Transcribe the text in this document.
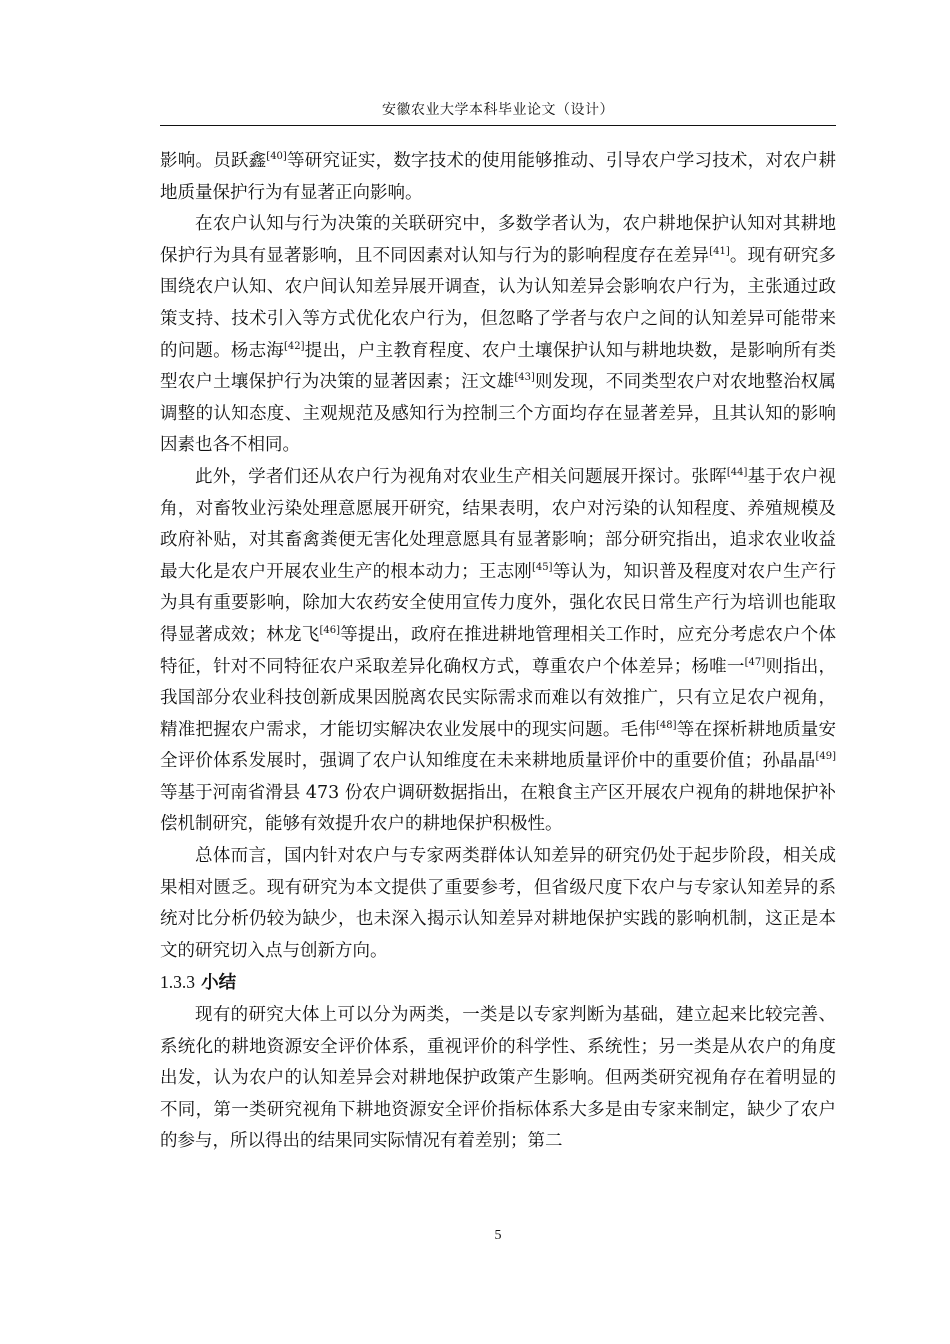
安徽农业大学本科毕业论文（设计）

影响。员跃鑫[40]等研究证实，数字技术的使用能够推动、引导农户学习技术，对农户耕地质量保护行为有显著正向影响。

在农户认知与行为决策的关联研究中，多数学者认为，农户耕地保护认知对其耕地保护行为具有显著影响，且不同因素对认知与行为的影响程度存在差异[41]。现有研究多围绕农户认知、农户间认知差异展开调查，认为认知差异会影响农户行为，主张通过政策支持、技术引入等方式优化农户行为，但忽略了学者与农户之间的认知差异可能带来的问题。杨志海[42]提出，户主教育程度、农户土壤保护认知与耕地块数，是影响所有类型农户土壤保护行为决策的显著因素；汪文雄[43]则发现，不同类型农户对农地整治权属调整的认知态度、主观规范及感知行为控制三个方面均存在显著差异，且其认知的影响因素也各不相同。

此外，学者们还从农户行为视角对农业生产相关问题展开探讨。张晖[44]基于农户视角，对畜牧业污染处理意愿展开研究，结果表明，农户对污染的认知程度、养殖规模及政府补贴，对其畜禽粪便无害化处理意愿具有显著影响；部分研究指出，追求农业收益最大化是农户开展农业生产的根本动力；王志刚[45]等认为，知识普及程度对农户生产行为具有重要影响，除加大农药安全使用宣传力度外，强化农民日常生产行为培训也能取得显著成效；林龙飞[46]等提出，政府在推进耕地管理相关工作时，应充分考虑农户个体特征，针对不同特征农户采取差异化确权方式，尊重农户个体差异；杨唯一[47]则指出，我国部分农业科技创新成果因脱离农民实际需求而难以有效推广，只有立足农户视角，精准把握农户需求，才能切实解决农业发展中的现实问题。毛伟[48]等在探析耕地质量安全评价体系发展时，强调了农户认知维度在未来耕地质量评价中的重要价值；孙晶晶[49]等基于河南省滑县 473 份农户调研数据指出，在粮食主产区开展农户视角的耕地保护补偿机制研究，能够有效提升农户的耕地保护积极性。

总体而言，国内针对农户与专家两类群体认知差异的研究仍处于起步阶段，相关成果相对匮乏。现有研究为本文提供了重要参考，但省级尺度下农户与专家认知差异的系统对比分析仍较为缺少，也未深入揭示认知差异对耕地保护实践的影响机制，这正是本文的研究切入点与创新方向。

1.3.3 小结

现有的研究大体上可以分为两类，一类是以专家判断为基础，建立起来比较完善、系统化的耕地资源安全评价体系，重视评价的科学性、系统性；另一类是从农户的角度出发，认为农户的认知差异会对耕地保护政策产生影响。但两类研究视角存在着明显的不同，第一类研究视角下耕地资源安全评价指标体系大多是由专家来制定，缺少了农户的参与，所以得出的结果同实际情况有着差别；第二

5
